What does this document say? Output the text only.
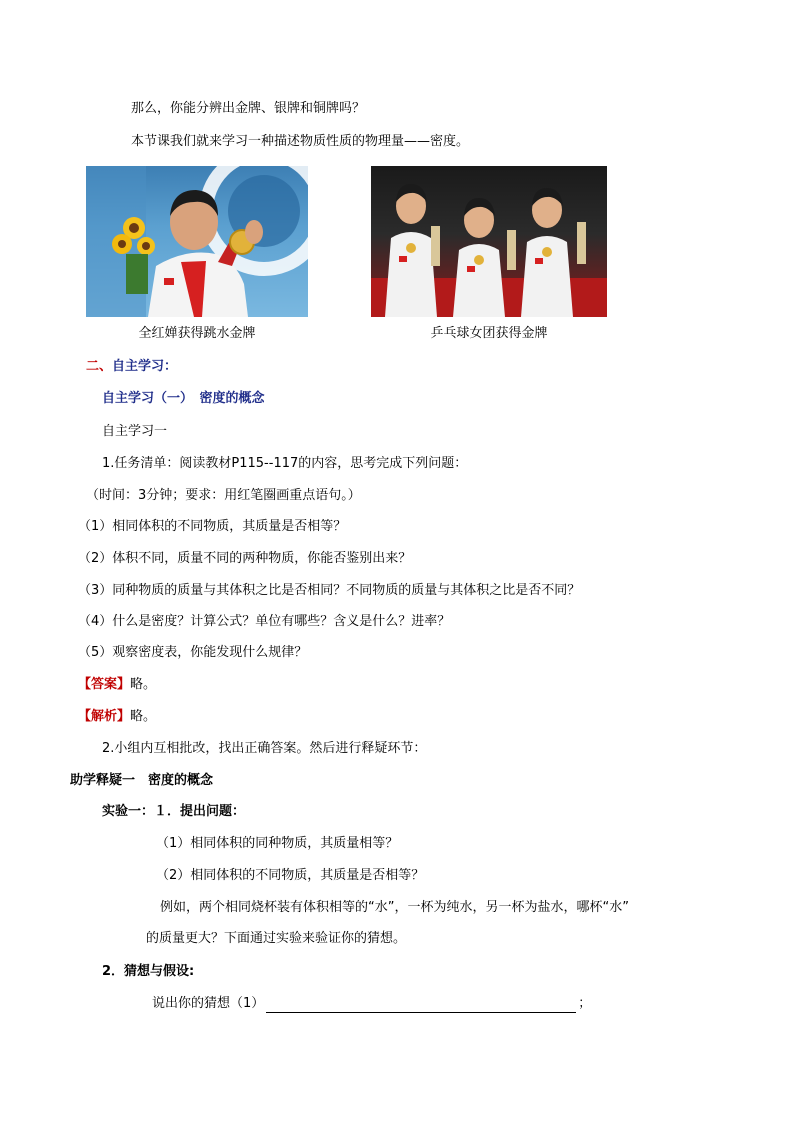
那么，你能分辨出金牌、银牌和铜牌吗？
本节课我们就来学习一种描述物质性质的物理量——密度。
全红婵获得跳水金牌	乒乓球女团获得金牌
二、自主学习：
自主学习（一）　密度的概念
自主学习一
1.任务清单：阅读教材P115--117的内容，思考完成下列问题：
（时间：3分钟；要求：用红笔圈画重点语句。）
（1）相同体积的不同物质，其质量是否相等？
（2）体积不同，质量不同的两种物质，你能否鉴别出来？
（3）同种物质的质量与其体积之比是否相同？不同物质的质量与其体积之比是否不同？
（4）什么是密度？计算公式？单位有哪些？含义是什么？进率？
（5）观察密度表，你能发现什么规律？
【答案】略。
【解析】略。
2.小组内互相批改，找出正确答案。然后进行释疑环节：
助学释疑一　密度的概念
实验一：１．提出问题：
（1）相同体积的同种物质，其质量相等？
（2）相同体积的不同物质，其质量是否相等？
例如，两个相同烧杯装有体积相等的“水”，一杯为纯水，另一杯为盐水，哪杯“水”
的质量更大？下面通过实验来验证你的猜想。
2．猜想与假设:
说出你的猜想（1）	；
